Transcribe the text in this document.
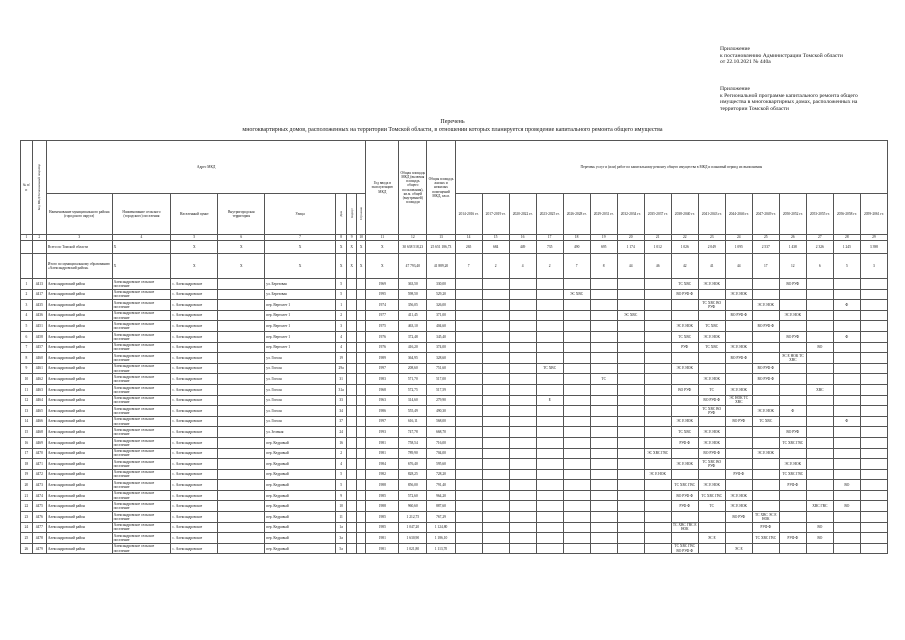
Приложение
к постановлению Администрации Томской области
от 22.10.2021 № 440а
Приложение
к Региональной программе капитального ремонта общего
имущества в многоквартирных домах, расположенных на
территории Томской области
Перечень
многоквартирных домов, расположенных на территории Томской области, в отношении которых планируется проведение капитального ремонта общего имущества
№ п/п	Код МКД Региональный оператор	Адрес МКД								Год ввода в эксплуатацию МКД	Общая площадь МКД (включая площадь общего пользования), кв.м. общей (внутренней) площади	Общая площадь жилых и нежилых помещений МКД, кв.м.	Перечень услуг и (или) работ по капитальному ремонту общего имущества в МКД и плановый период их выполнения															
		Наименование муниципального района (городского округа)	Наименование сельского (городского) поселения	Населенный пункт	Внутригородская территория	Улица	Дом	Корпус	Строение				2014-2016 гг.	2017-2019 гг.	2020-2022 гг.	2023-2025 гг.	2026-2028 гг.	2029-2031 гг.	2032-2034 гг.	2035-2037 гг.	2038-2040 гг.	2041-2043 гг.	2044-2046 гг.	2047-2049 гг.	2050-2052 гг.	2053-2055 гг.	2056-2058 гг.	2059-2061 гг.
1	2	3	4	5	6	7	8	9	10	11	12	13	14	15	16	17	18	19	20	21	22	23	24	25	26	27	28	29
		Всего по Томской области	X	X	X	X	X	X	X	X	30 638 518,23	25 651 186,73	265	684	449	735	490	695	1 174	1 012	1 026	2 049	1 095	2 537	1 438	2 326	1 245	3 398
		Итого по муниципальному образованию «Александровский район»	X	X	X	X	X	X	X	X	47 793,40	41 889,20	7	2	4	2	7	8	44	46	42	41	44	17	12	6	5	3
1	4413	Александровский район	Александровское сельское поселение	с. Александровское		ул. Березовая	5			1969	363,50	330,00									ТС ХВС	ЭС Е НОК			ВО РУФ			
2	4417	Александровский район	Александровское сельское поселение	с. Александровское		ул. Березовая	5			1995	598,50	529,20					ЭС ХВС				ВО РУФ Ф		ЭС Е НОК					
3	4435	Александровский район	Александровское сельское поселение	с. Александровское		пер. Вертолет 1	1			1974	356,05	326,00										ТС ХВС ВО РУФ		ЭС Е НОК			Ф	
4	4436	Александровский район	Александровское сельское поселение	с. Александровское		пер. Вертолет 1	2			1977	411,45	371,00							ЭС ХВС				ВО РУФ Ф		ЭС Е НОК			
5	4451	Александровский район	Александровское сельское поселение	с. Александровское		пер. Вертолет 1	3			1975	463,10	404,60									ЭС Е НОК	ТС ХВС		ВО РУФ Ф				
6	4458	Александровский район	Александровское сельское поселение	с. Александровское		пер. Вертолет 1	4			1976	372,48	345,40									ТС ХВС	ЭС Е НОК			ВО РУФ		Ф	
7	4457	Александровский район	Александровское сельское поселение	с. Александровское		пер. Вертолет 1	4			1976	416,20	374,00									РУФ	ТС ХВС	ЭС Е НОК			ВО		
8	4460	Александровский район	Александровское сельское поселение	с. Александровское		ул. Гоголя	19			1989	364,95	328,60											ВО РУФ Ф		ЭС Е НОК ТС ХВС			
9	4461	Александровский район	Александровское сельское поселение	с. Александровское		ул. Гоголя	29а			1997	208,60	751,60				ТС ХВС					ЭС Е НОК			ВО РУФ Ф				
10	4462	Александровский район	Александровское сельское поселение	с. Александровское		ул. Гоголя	31			1983	571,70	517,00						ТС				ЭС Е НОК		ВО РУФ Ф				
11	4463	Александровский район	Александровское сельское поселение	с. Александровское		ул. Гоголя	31а			1968	572,75	517,59									ВО РУФ	ТС	ЭС Е НОК			ХВС		
12	4464	Александровский район	Александровское сельское поселение	с. Александровское		ул. Гоголя	33			1963	314,60	279,90				Е						ВО РУФ Ф	ЭС НОК ТС ХВС					
13	4465	Александровский район	Александровское сельское поселение	с. Александровское		ул. Гоголя	34			1986	555,49	490,30										ТС ХВС ВО РУФ		ЭС Е НОК	Ф			
14	4466	Александровский район	Александровское сельское поселение	с. Александровское		ул. Гоголя	37			1997	616,11	568,00									ЭС Е НОК		ВО РУФ	ТС ХВС			Ф	
15	4468	Александровский район	Александровское сельское поселение	с. Александровское		ул. Зеленая	24			1993	747,78	668,70									ТС ХВС	ЭС Е НОК			ВО РУФ			
16	4469	Александровский район	Александровское сельское поселение	с. Александровское		пер. Кедровый	16			1981	758,54	716,00									РУФ Ф	ЭС Е НОК			ТС ХВС ГВС			
17	4470	Александровский район	Александровское сельское поселение	с. Александровское		пер. Кедровый	2			1981	789,90	704,00								ЭС ХВС ГВС		ВО РУФ Ф		ЭС Е НОК				
18	4471	Александровский район	Александровское сельское поселение	с. Александровское		пер. Кедровый	4			1984	676,40	595,60									ЭС Е НОК	ТС ХВС ВО РУФ			ЭС Е НОК			
19	4472	Александровский район	Александровское сельское поселение	с. Александровское		пер. Кедровый	5			1982	828,25	728,20								ЭС Е НОК			РУФ Ф		ТС ХВС ГВС			
20	4473	Александровский район	Александровское сельское поселение	с. Александровское		пер. Кедровый	5			1988	856,00	791,40									ТС ХВС ГВС	ЭС Е НОК			РУФ Ф		ВО	
21	4474	Александровский район	Александровское сельское поселение	с. Александровское		пер. Кедровый	9			1985	572,60	964,20									ВО РУФ Ф	ТС ХВС ГВС	ЭС Е НОК					
22	4475	Александровский район	Александровское сельское поселение	с. Александровское		пер. Кедровый	10			1988	960,60	887,60									РУФ Ф	ТС	ЭС Е НОК			ХВС ГВС	ВО	
23	4476	Александровский район	Александровское сельское поселение	с. Александровское		пер. Кедровый	11			1985	1 212,75	767,29											ВО РУФ	ТС ХВС ЭС Е НОК				
24	4477	Александровский район	Александровское сельское поселение	с. Александровское		пер. Кедровый	1а			1985	1 047,20	1 124,80									ТС ХВС ГВС Е НОК			РУФ Ф		ВО		
25	4478	Александровский район	Александровское сельское поселение	с. Александровское		пер. Кедровый	3а			1981	1 630,90	1 186,10										ЭС Е		ТС ХВС ГВС	РУФ Ф	ВО		
26	4479	Александровский район	Александровское сельское поселение	с. Александровское		пер. Кедровый	5а			1981	1 021,80	1 113,70									ТС ХВС ГВС ВО РУФ Ф		ЭС Е					
